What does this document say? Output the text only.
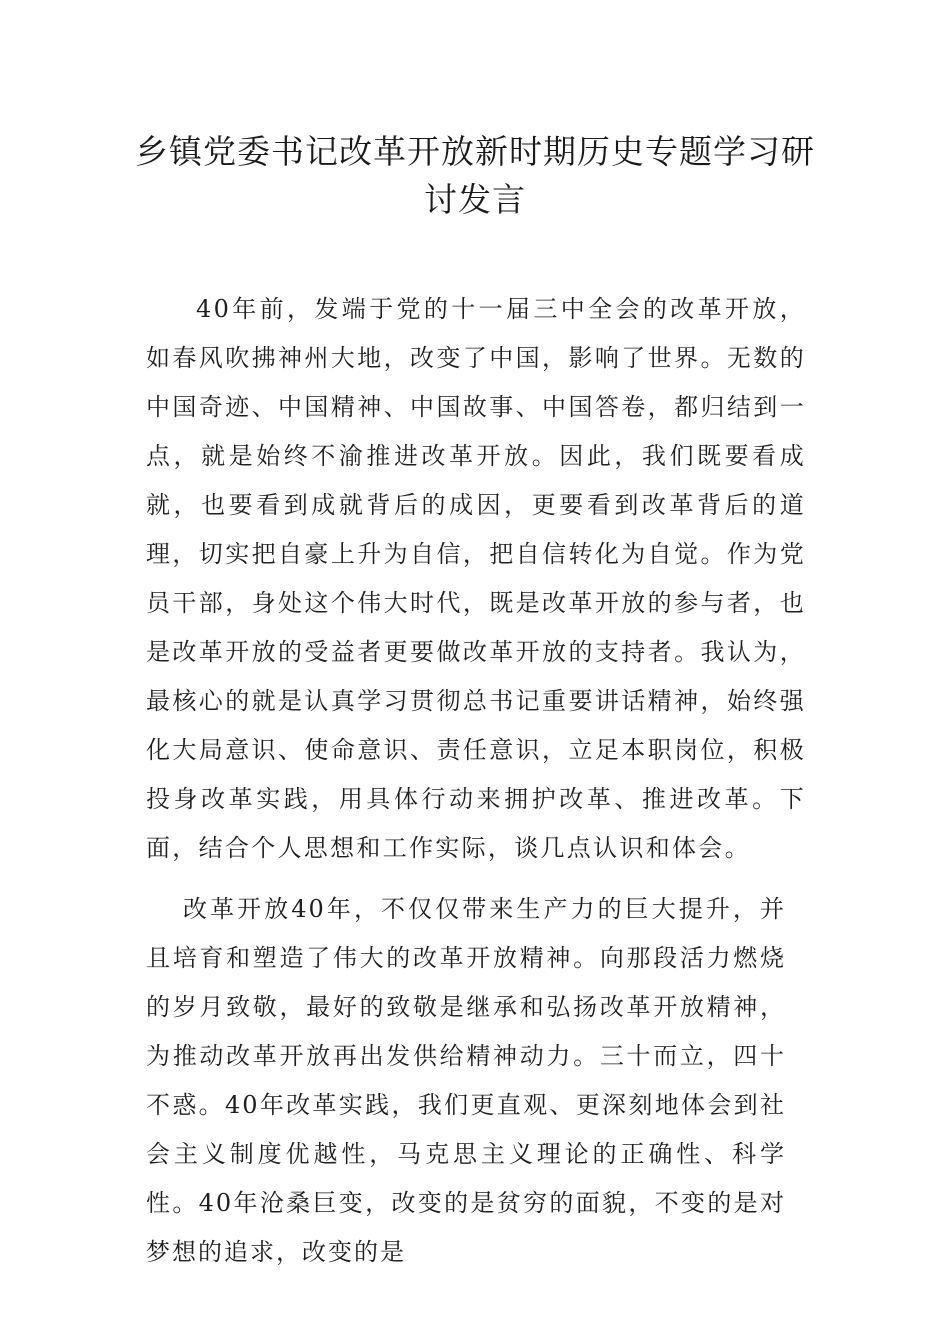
乡镇党委书记改革开放新时期历史专题学习研讨发言

40年前，发端于党的十一届三中全会的改革开放，如春风吹拂神州大地，改变了中国，影响了世界。无数的中国奇迹、中国精神、中国故事、中国答卷，都归结到一点，就是始终不渝推进改革开放。因此，我们既要看成就，也要看到成就背后的成因，更要看到改革背后的道理，切实把自豪上升为自信，把自信转化为自觉。作为党员干部，身处这个伟大时代，既是改革开放的参与者，也是改革开放的受益者更要做改革开放的支持者。我认为，最核心的就是认真学习贯彻总书记重要讲话精神，始终强化大局意识、使命意识、责任意识，立足本职岗位，积极投身改革实践，用具体行动来拥护改革、推进改革。下面，结合个人思想和工作实际，谈几点认识和体会。

改革开放40年，不仅仅带来生产力的巨大提升，并且培育和塑造了伟大的改革开放精神。向那段活力燃烧的岁月致敬，最好的致敬是继承和弘扬改革开放精神，为推动改革开放再出发供给精神动力。三十而立，四十不惑。40年改革实践，我们更直观、更深刻地体会到社会主义制度优越性，马克思主义理论的正确性、科学性。40年沧桑巨变，改变的是贫穷的面貌，不变的是对梦想的追求，改变的是
